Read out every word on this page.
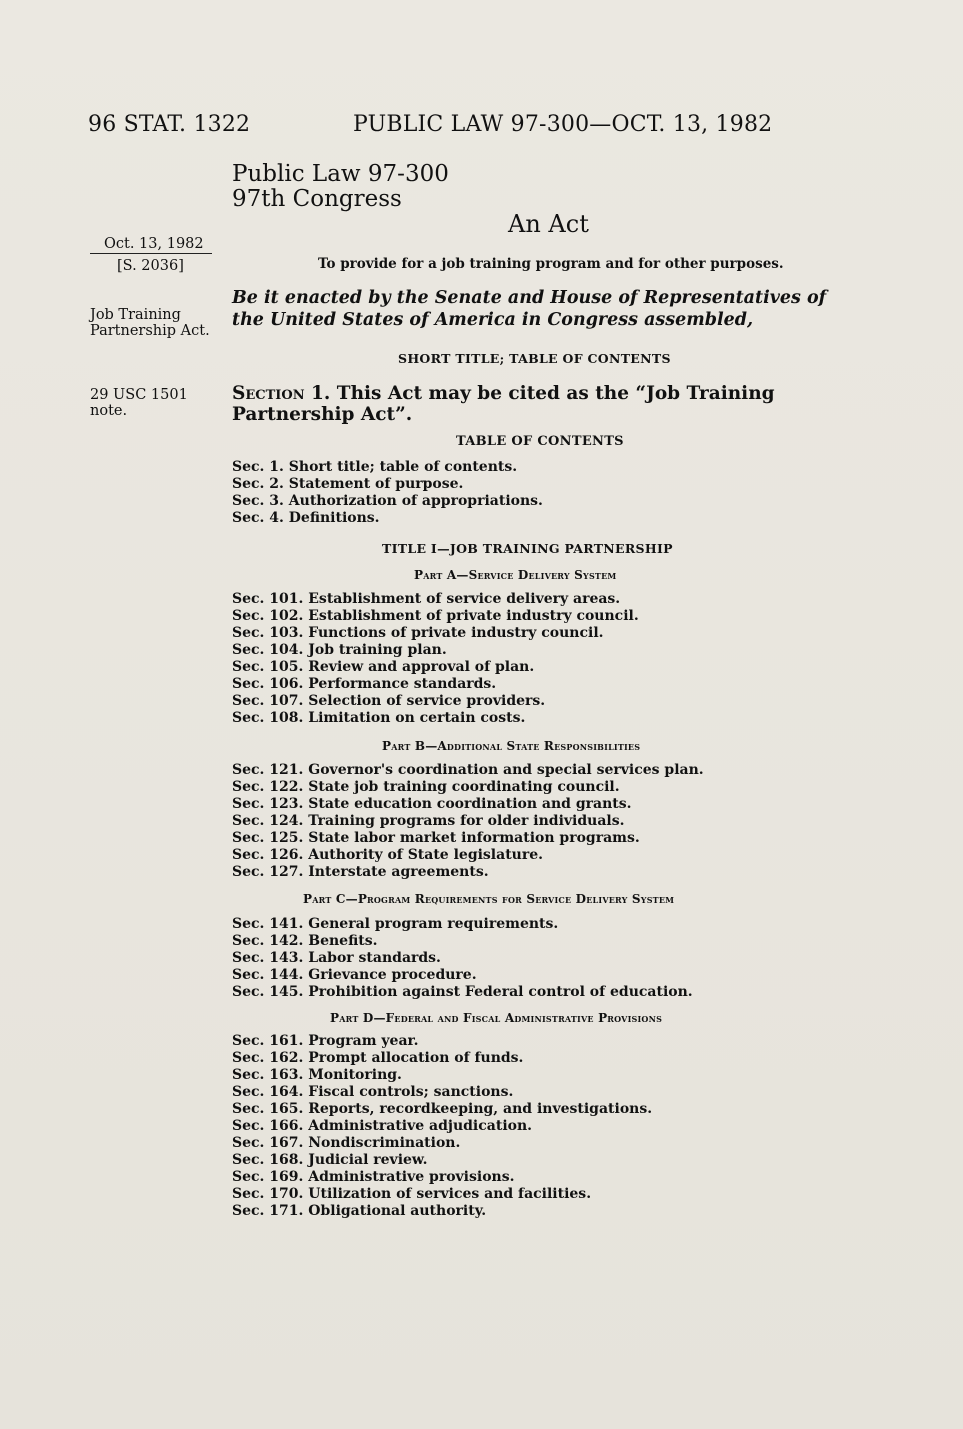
96 STAT. 1322	PUBLIC LAW 97-300—OCT. 13, 1982
Public Law 97-300
97th Congress
An Act
Oct. 13, 1982
[S. 2036]
Job Training
Partnership Act.
29 USC 1501
note.
To provide for a job training program and for other purposes.
Be it enacted by the Senate and House of Representatives of the United States of America in Congress assembled,
SHORT TITLE; TABLE OF CONTENTS
Section 1. This Act may be cited as the “Job Training Partnership Act”.
TABLE OF CONTENTS
Sec. 1. Short title; table of contents.
Sec. 2. Statement of purpose.
Sec. 3. Authorization of appropriations.
Sec. 4. Definitions.
TITLE I—JOB TRAINING PARTNERSHIP
Part A—Service Delivery System
Sec. 101. Establishment of service delivery areas.
Sec. 102. Establishment of private industry council.
Sec. 103. Functions of private industry council.
Sec. 104. Job training plan.
Sec. 105. Review and approval of plan.
Sec. 106. Performance standards.
Sec. 107. Selection of service providers.
Sec. 108. Limitation on certain costs.
Part B—Additional State Responsibilities
Sec. 121. Governor's coordination and special services plan.
Sec. 122. State job training coordinating council.
Sec. 123. State education coordination and grants.
Sec. 124. Training programs for older individuals.
Sec. 125. State labor market information programs.
Sec. 126. Authority of State legislature.
Sec. 127. Interstate agreements.
Part C—Program Requirements for Service Delivery System
Sec. 141. General program requirements.
Sec. 142. Benefits.
Sec. 143. Labor standards.
Sec. 144. Grievance procedure.
Sec. 145. Prohibition against Federal control of education.
Part D—Federal and Fiscal Administrative Provisions
Sec. 161. Program year.
Sec. 162. Prompt allocation of funds.
Sec. 163. Monitoring.
Sec. 164. Fiscal controls; sanctions.
Sec. 165. Reports, recordkeeping, and investigations.
Sec. 166. Administrative adjudication.
Sec. 167. Nondiscrimination.
Sec. 168. Judicial review.
Sec. 169. Administrative provisions.
Sec. 170. Utilization of services and facilities.
Sec. 171. Obligational authority.
